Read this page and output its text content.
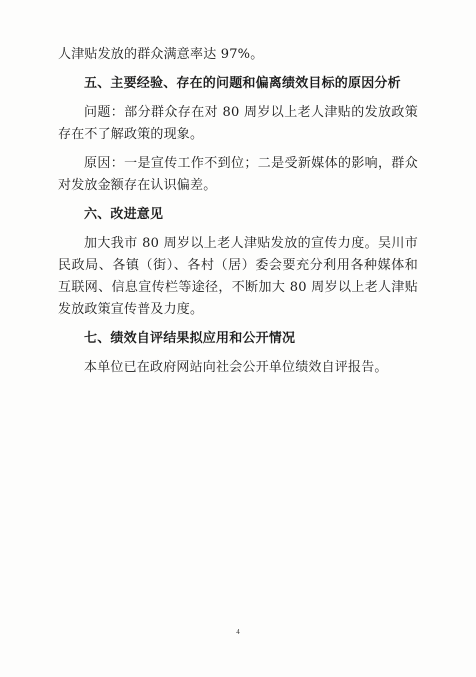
人津贴发放的群众满意率达 97%。

五、主要经验、存在的问题和偏离绩效目标的原因分析

问题：部分群众存在对 80 周岁以上老人津贴的发放政策存在不了解政策的现象。

原因：一是宣传工作不到位；二是受新媒体的影响，群众对发放金额存在认识偏差。

六、改进意见

加大我市 80 周岁以上老人津贴发放的宣传力度。吴川市民政局、各镇（街）、各村（居）委会要充分利用各种媒体和互联网、信息宣传栏等途径，不断加大 80 周岁以上老人津贴发放政策宣传普及力度。

七、绩效自评结果拟应用和公开情况

本单位已在政府网站向社会公开单位绩效自评报告。

4
